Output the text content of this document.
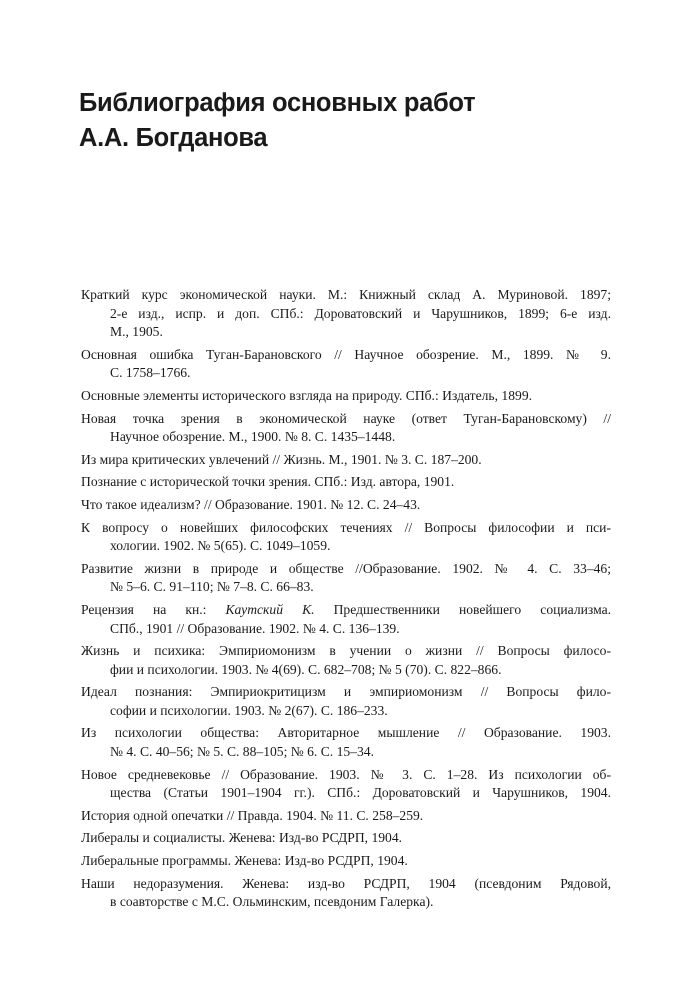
Библиография основных работ
А.А. Богданова
Краткий курс экономической науки. М.: Книжный склад А. Муриновой. 1897;
2-е изд., испр. и доп. СПб.: Дороватовский и Чарушников, 1899; 6-е изд.
М., 1905.
Основная ошибка Туган-Барановского // Научное обозрение. М., 1899. № 9.
С. 1758–1766.
Основные элементы исторического взгляда на природу. СПб.: Издатель, 1899.
Новая точка зрения в экономической науке (ответ Туган-Барановскому) //
Научное обозрение. М., 1900. № 8. С. 1435–1448.
Из мира критических увлечений // Жизнь. М., 1901. № 3. С. 187–200.
Познание с исторической точки зрения. СПб.: Изд. автора, 1901.
Что такое идеализм? // Образование. 1901. № 12. С. 24–43.
К вопросу о новейших философских течениях // Вопросы философии и пси-
хологии. 1902. № 5(65). С. 1049–1059.
Развитие жизни в природе и обществе //Образование. 1902. № 4. С. 33–46;
№ 5–6. С. 91–110; № 7–8. С. 66–83.
Рецензия на кн.: Каутский К. Предшественники новейшего социализма.
СПб., 1901 // Образование. 1902. № 4. С. 136–139.
Жизнь и психика: Эмпириомонизм в учении о жизни // Вопросы филосо-
фии и психологии. 1903. № 4(69). С. 682–708; № 5 (70). С. 822–866.
Идеал познания: Эмпириокритицизм и эмпириомонизм // Вопросы фило-
софии и психологии. 1903. № 2(67). С. 186–233.
Из психологии общества: Авторитарное мышление // Образование. 1903.
№ 4. С. 40–56; № 5. С. 88–105; № 6. С. 15–34.
Новое средневековье // Образование. 1903. № 3. С. 1–28. Из психологии об-
щества (Статьи 1901–1904 гг.). СПб.: Дороватовский и Чарушников, 1904.
История одной опечатки // Правда. 1904. № 11. С. 258–259.
Либералы и социалисты. Женева: Изд-во РСДРП, 1904.
Либеральные программы. Женева: Изд-во РСДРП, 1904.
Наши недоразумения. Женева: изд-во РСДРП, 1904 (псевдоним Рядовой,
в соавторстве с М.С. Ольминским, псевдоним Галерка).
